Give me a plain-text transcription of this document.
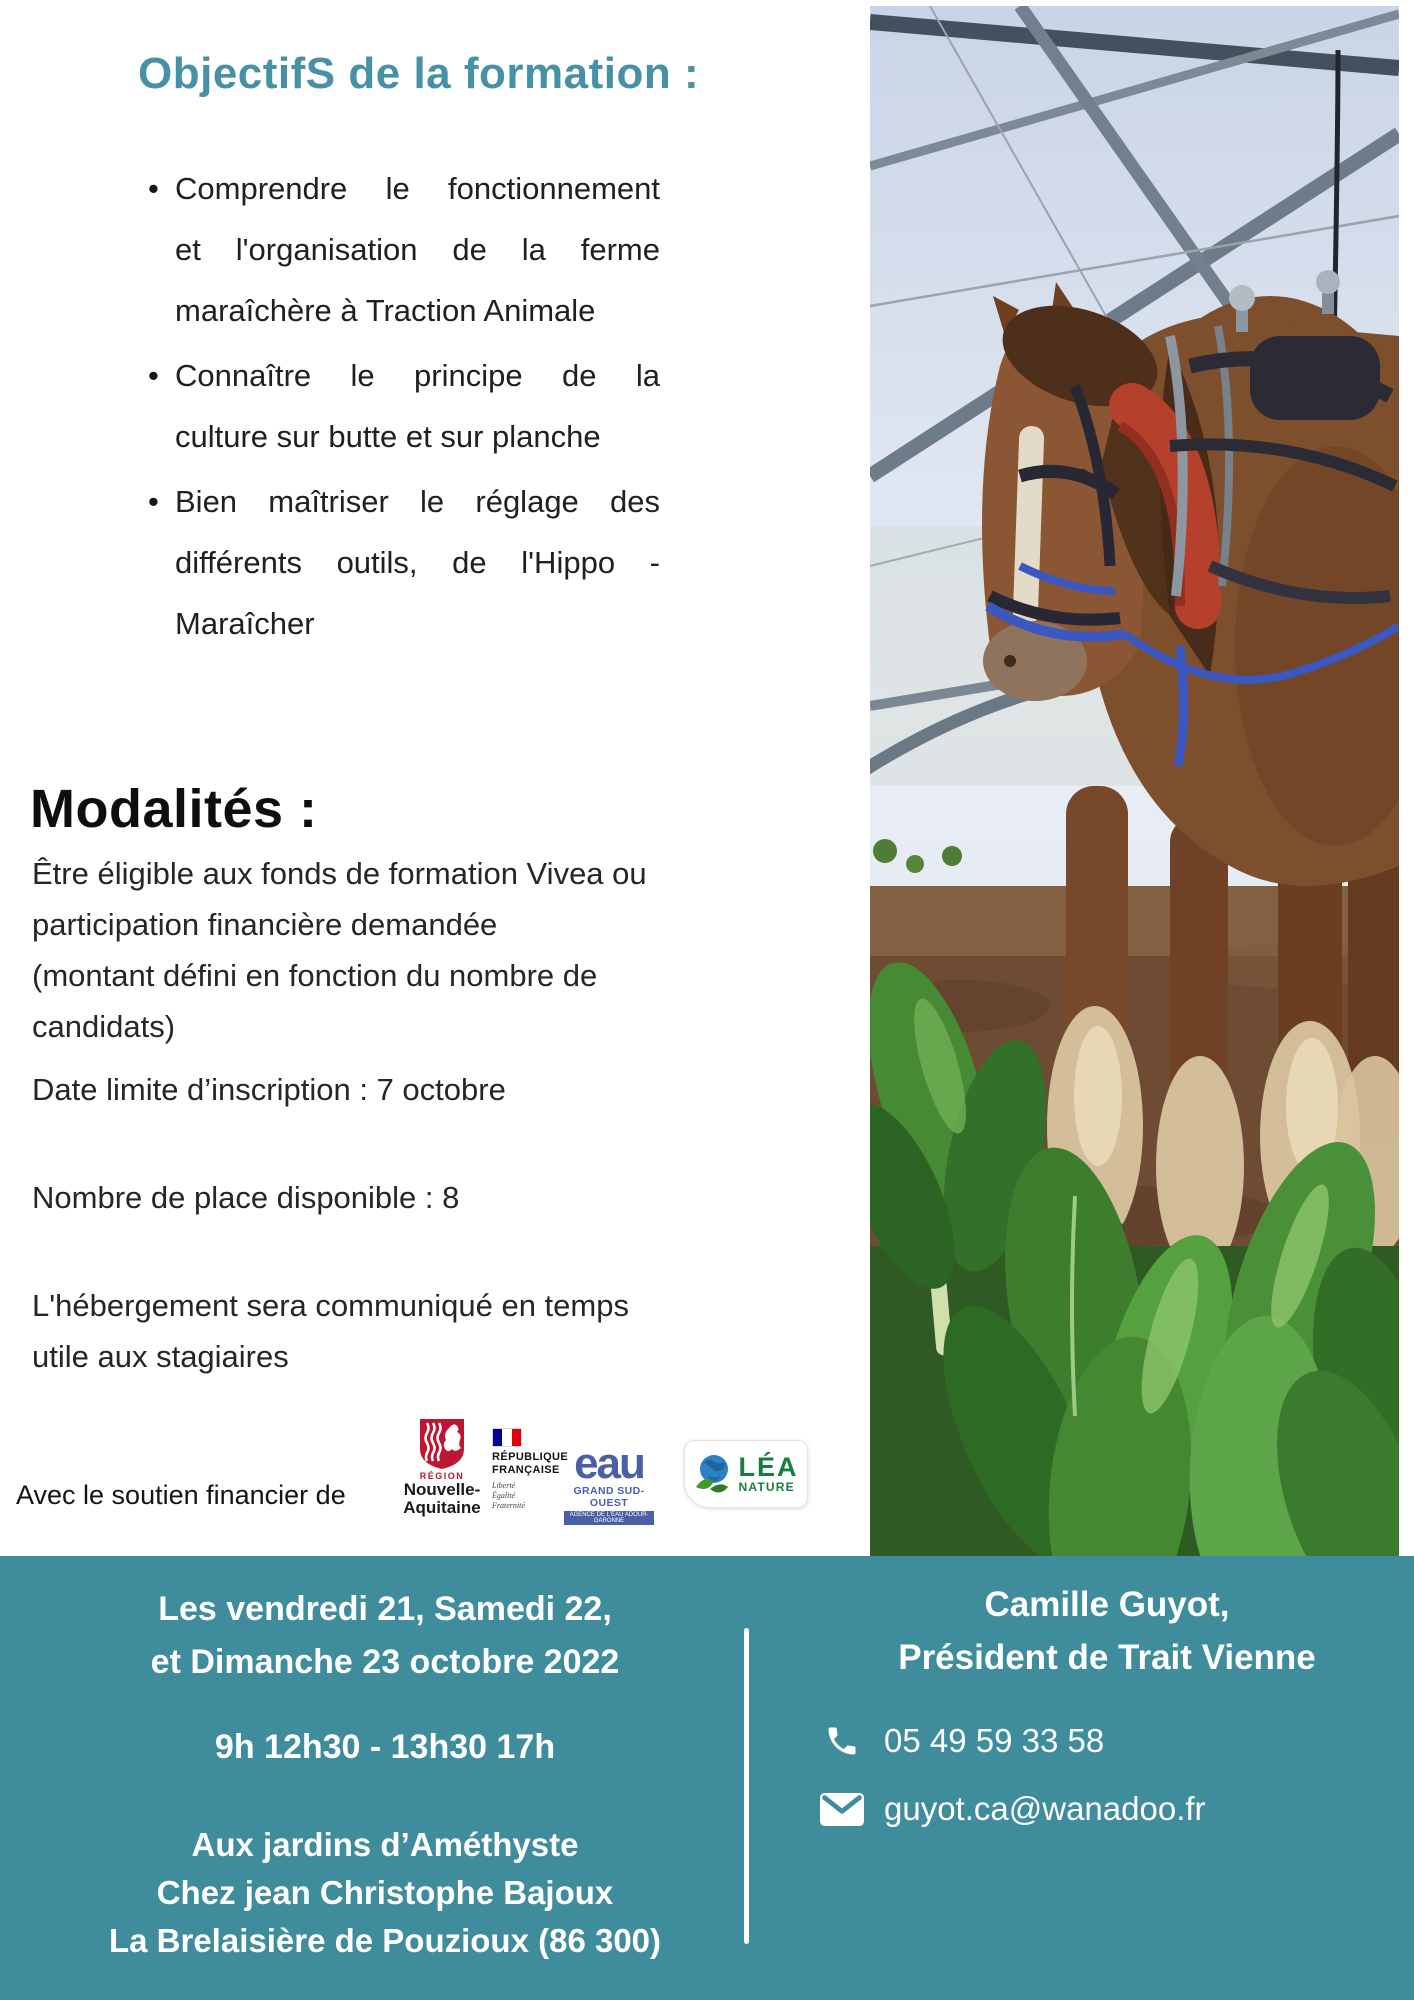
ObjectifS de la formation :
• Comprendre le fonctionnement
et l'organisation de la ferme
maraîchère à Traction Animale
• Connaître le principe de la
culture sur butte et sur planche
• Bien maîtriser le réglage des
différents outils, de l'Hippo -
Maraîcher
Modalités :

Être éligible aux fonds de formation Vivea ou
participation financière demandée
(montant défini en fonction du nombre de
candidats)

Date limite d’inscription : 7 octobre

Nombre de place disponible : 8

L'hébergement sera communiqué en temps
utile aux stagiaires

Avec le soutien financier de
RÉGION
Nouvelle-
Aquitaine
RÉPUBLIQUE
FRANÇAISE
Liberté
Égalité
Fraternité
eau
GRAND SUD-OUEST
AGENCE DE L'EAU ADOUR-GARONNE
LÉA
NATURE
Les vendredi 21, Samedi 22,
et Dimanche 23 octobre 2022
9h 12h30 - 13h30 17h
Aux jardins d’Améthyste
Chez jean Christophe Bajoux
La Brelaisière de Pouzioux (86 300)
Camille Guyot,
Président de Trait Vienne
05 49 59 33 58
guyot.ca@wanadoo.fr
